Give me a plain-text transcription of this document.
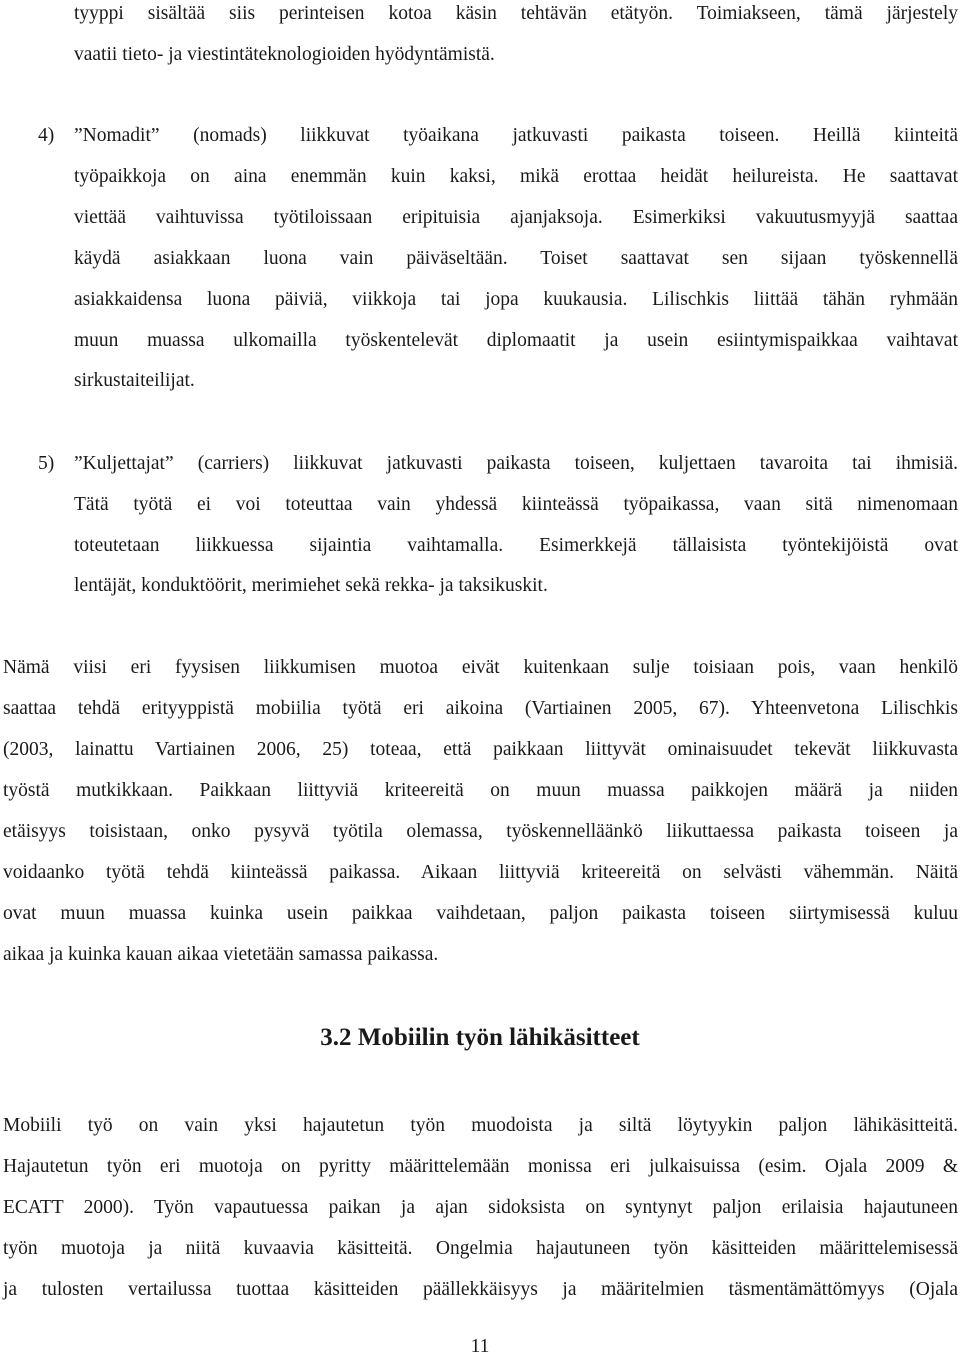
tyyppi sisältää siis perinteisen kotoa käsin tehtävän etätyön. Toimiakseen, tämä järjestely

vaatii tieto- ja viestintäteknologioiden hyödyntämistä.

4) ”Nomadit” (nomads) liikkuvat työaikana jatkuvasti paikasta toiseen. Heillä kiinteitä

työpaikkoja on aina enemmän kuin kaksi, mikä erottaa heidät heilureista. He saattavat

viettää vaihtuvissa työtiloissaan eripituisia ajanjaksoja. Esimerkiksi vakuutusmyyjä saattaa

käydä asiakkaan luona vain päiväseltään. Toiset saattavat sen sijaan työskennellä

asiakkaidensa luona päiviä, viikkoja tai jopa kuukausia. Lilischkis liittää tähän ryhmään

muun muassa ulkomailla työskentelevät diplomaatit ja usein esiintymispaikkaa vaihtavat

sirkustaiteilijat.

5) ”Kuljettajat” (carriers) liikkuvat jatkuvasti paikasta toiseen, kuljettaen tavaroita tai ihmisiä.

Tätä työtä ei voi toteuttaa vain yhdessä kiinteässä työpaikassa, vaan sitä nimenomaan

toteutetaan liikkuessa sijaintia vaihtamalla. Esimerkkejä tällaisista työntekijöistä ovat

lentäjät, konduktöörit, merimiehet sekä rekka- ja taksikuskit.

Nämä viisi eri fyysisen liikkumisen muotoa eivät kuitenkaan sulje toisiaan pois, vaan henkilö

saattaa tehdä erityyppistä mobiilia työtä eri aikoina (Vartiainen 2005, 67). Yhteenvetona Lilischkis

(2003, lainattu Vartiainen 2006, 25) toteaa, että paikkaan liittyvät ominaisuudet tekevät liikkuvasta

työstä mutkikkaan. Paikkaan liittyviä kriteereitä on muun muassa paikkojen määrä ja niiden

etäisyys toisistaan, onko pysyvä työtila olemassa, työskennelläänkö liikuttaessa paikasta toiseen ja

voidaanko työtä tehdä kiinteässä paikassa. Aikaan liittyviä kriteereitä on selvästi vähemmän. Näitä

ovat muun muassa kuinka usein paikkaa vaihdetaan, paljon paikasta toiseen siirtymisessä kuluu

aikaa ja kuinka kauan aikaa vietetään samassa paikassa.

3.2 Mobiilin työn lähikäsitteet

Mobiili työ on vain yksi hajautetun työn muodoista ja siltä löytyykin paljon lähikäsitteitä.

Hajautetun työn eri muotoja on pyritty määrittelemään monissa eri julkaisuissa (esim. Ojala 2009 &

ECATT 2000). Työn vapautuessa paikan ja ajan sidoksista on syntynyt paljon erilaisia hajautuneen

työn muotoja ja niitä kuvaavia käsitteitä. Ongelmia hajautuneen työn käsitteiden määrittelemisessä

ja tulosten vertailussa tuottaa käsitteiden päällekkäisyys ja määritelmien täsmentämättömyys (Ojala

11
